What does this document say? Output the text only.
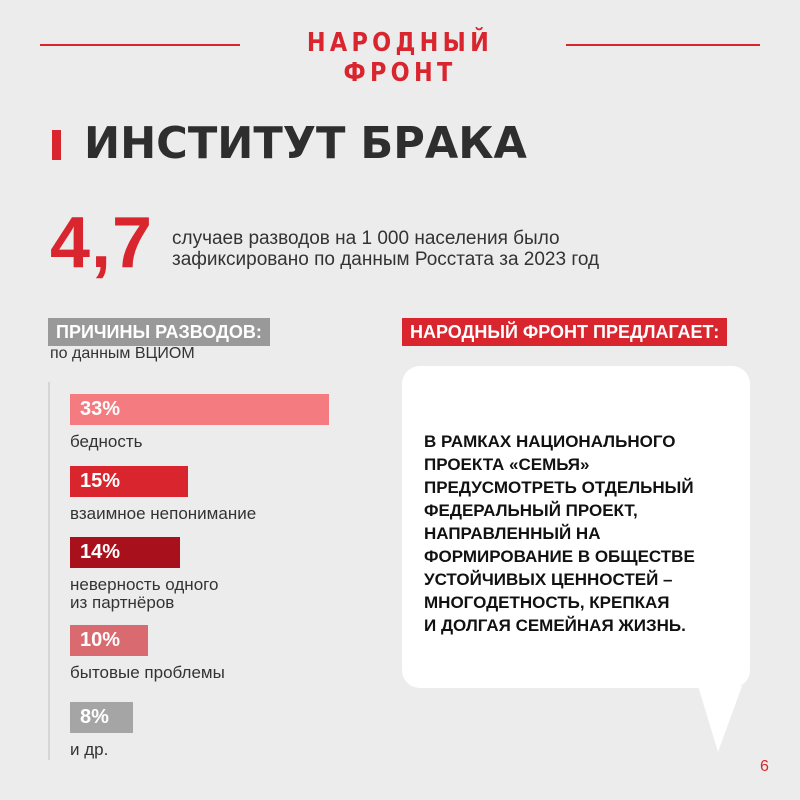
НАРОДНЫЙ ФРОНТ
ИНСТИТУТ БРАКА
4,7 случаев разводов на 1 000 населения было зафиксировано по данным Росстата за 2023 год
ПРИЧИНЫ РАЗВОДОВ:
по данным ВЦИОМ
33%
бедность
15%
взаимное непонимание
14%
неверность одного
из партнёров
10%
бытовые проблемы
8%
и др.
НАРОДНЫЙ ФРОНТ ПРЕДЛАГАЕТ:
В РАМКАХ НАЦИОНАЛЬНОГО
ПРОЕКТА «СЕМЬЯ»
ПРЕДУСМОТРЕТЬ ОТДЕЛЬНЫЙ
ФЕДЕРАЛЬНЫЙ ПРОЕКТ,
НАПРАВЛЕННЫЙ НА
ФОРМИРОВАНИЕ В ОБЩЕСТВЕ
УСТОЙЧИВЫХ ЦЕННОСТЕЙ –
МНОГОДЕТНОСТЬ, КРЕПКАЯ
И ДОЛГАЯ СЕМЕЙНАЯ ЖИЗНЬ.
6
